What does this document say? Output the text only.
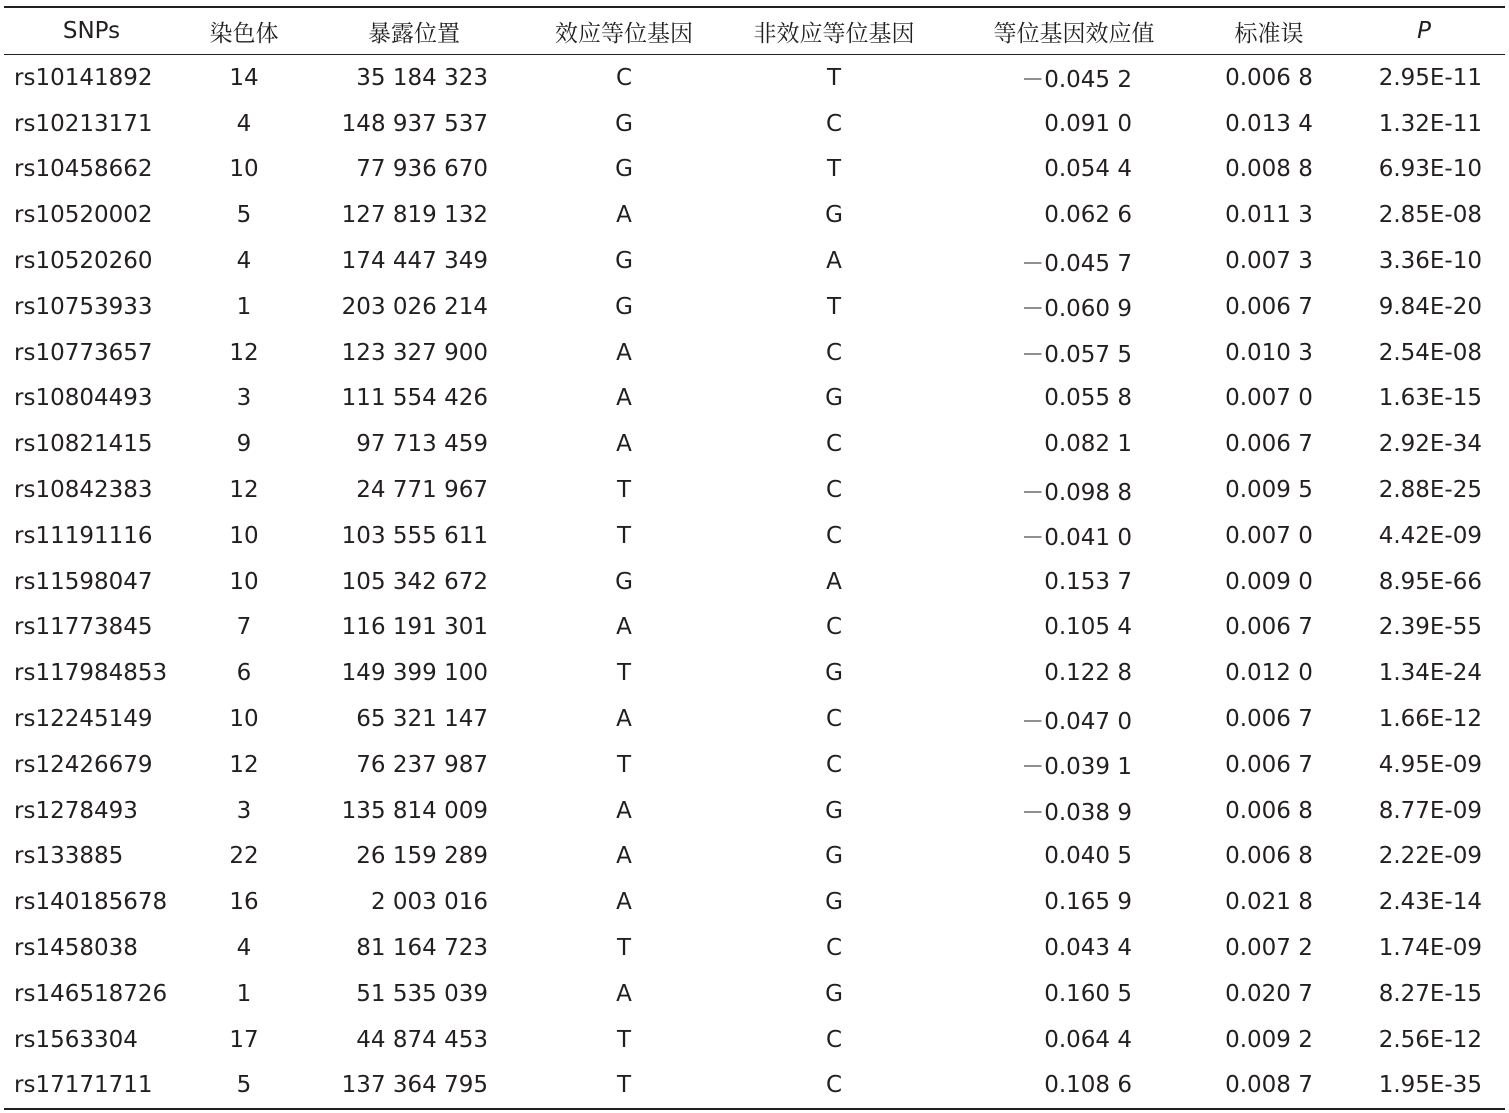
SNPs	染色体	暴露位置	效应等位基因	非效应等位基因	等位基因效应值	标准误	P
rs10141892	14	35 184 323	C	T	－0.045 2	0.006 8	2.95E-11
rs10213171	4	148 937 537	G	C	0.091 0	0.013 4	1.32E-11
rs10458662	10	77 936 670	G	T	0.054 4	0.008 8	6.93E-10
rs10520002	5	127 819 132	A	G	0.062 6	0.011 3	2.85E-08
rs10520260	4	174 447 349	G	A	－0.045 7	0.007 3	3.36E-10
rs10753933	1	203 026 214	G	T	－0.060 9	0.006 7	9.84E-20
rs10773657	12	123 327 900	A	C	－0.057 5	0.010 3	2.54E-08
rs10804493	3	111 554 426	A	G	0.055 8	0.007 0	1.63E-15
rs10821415	9	97 713 459	A	C	0.082 1	0.006 7	2.92E-34
rs10842383	12	24 771 967	T	C	－0.098 8	0.009 5	2.88E-25
rs11191116	10	103 555 611	T	C	－0.041 0	0.007 0	4.42E-09
rs11598047	10	105 342 672	G	A	0.153 7	0.009 0	8.95E-66
rs11773845	7	116 191 301	A	C	0.105 4	0.006 7	2.39E-55
rs117984853	6	149 399 100	T	G	0.122 8	0.012 0	1.34E-24
rs12245149	10	65 321 147	A	C	－0.047 0	0.006 7	1.66E-12
rs12426679	12	76 237 987	T	C	－0.039 1	0.006 7	4.95E-09
rs1278493	3	135 814 009	A	G	－0.038 9	0.006 8	8.77E-09
rs133885	22	26 159 289	A	G	0.040 5	0.006 8	2.22E-09
rs140185678	16	2 003 016	A	G	0.165 9	0.021 8	2.43E-14
rs1458038	4	81 164 723	T	C	0.043 4	0.007 2	1.74E-09
rs146518726	1	51 535 039	A	G	0.160 5	0.020 7	8.27E-15
rs1563304	17	44 874 453	T	C	0.064 4	0.009 2	2.56E-12
rs17171711	5	137 364 795	T	C	0.108 6	0.008 7	1.95E-35
